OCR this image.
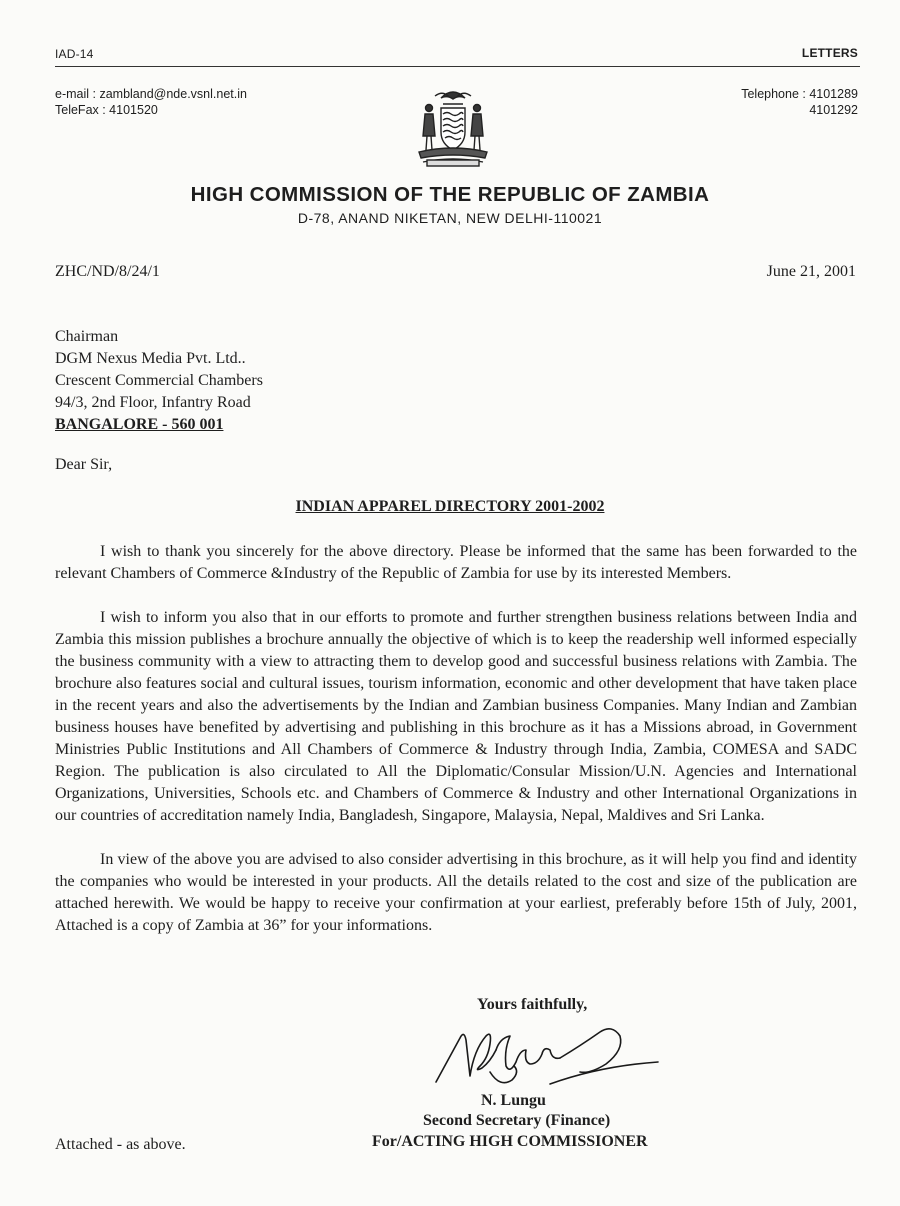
IAD-14	LETTERS
e-mail : zambland@nde.vsnl.net.in
TeleFax : 4101520
Telephone : 4101289
4101292
HIGH COMMISSION OF THE REPUBLIC OF ZAMBIA
D-78, ANAND NIKETAN, NEW DELHI-110021
ZHC/ND/8/24/1	June 21, 2001
Chairman
DGM Nexus Media Pvt. Ltd..
Crescent Commercial Chambers
94/3, 2nd Floor, Infantry Road
BANGALORE - 560 001
Dear Sir,
INDIAN APPAREL DIRECTORY 2001-2002

I wish to thank you sincerely for the above directory. Please be informed that the same has been forwarded to the relevant Chambers of Commerce &Industry of the Republic of Zambia for use by its interested Members.

I wish to inform you also that in our efforts to promote and further strengthen business relations between India and Zambia this mission publishes a brochure annually the objective of which is to keep the readership well informed especially the business community with a view to attracting them to develop good and successful business relations with Zambia. The brochure also features social and cultural issues, tourism information, economic and other development that have taken place in the recent years and also the advertisements by the Indian and Zambian business Companies. Many Indian and Zambian business houses have benefited by advertising and publishing in this brochure as it has a Missions abroad, in Government Ministries Public Institutions and All Chambers of Commerce & Industry through India, Zambia, COMESA and SADC Region. The publication is also circulated to All the Diplomatic/Consular Mission/U.N. Agencies and International Organizations, Universities, Schools etc. and Chambers of Commerce & Industry and other International Organizations in our countries of accreditation namely India, Bangladesh, Singapore, Malaysia, Nepal, Maldives and Sri Lanka.

In view of the above you are advised to also consider advertising in this brochure, as it will help you find and identity the companies who would be interested in your products. All the details related to the cost and size of the publication are attached herewith. We would be happy to receive your confirmation at your earliest, preferably before 15th of July, 2001, Attached is a copy of Zambia at 36” for your informations.

Yours faithfully,
N. Lungu
Second Secretary (Finance)
For/ACTING HIGH COMMISSIONER
Attached - as above.
